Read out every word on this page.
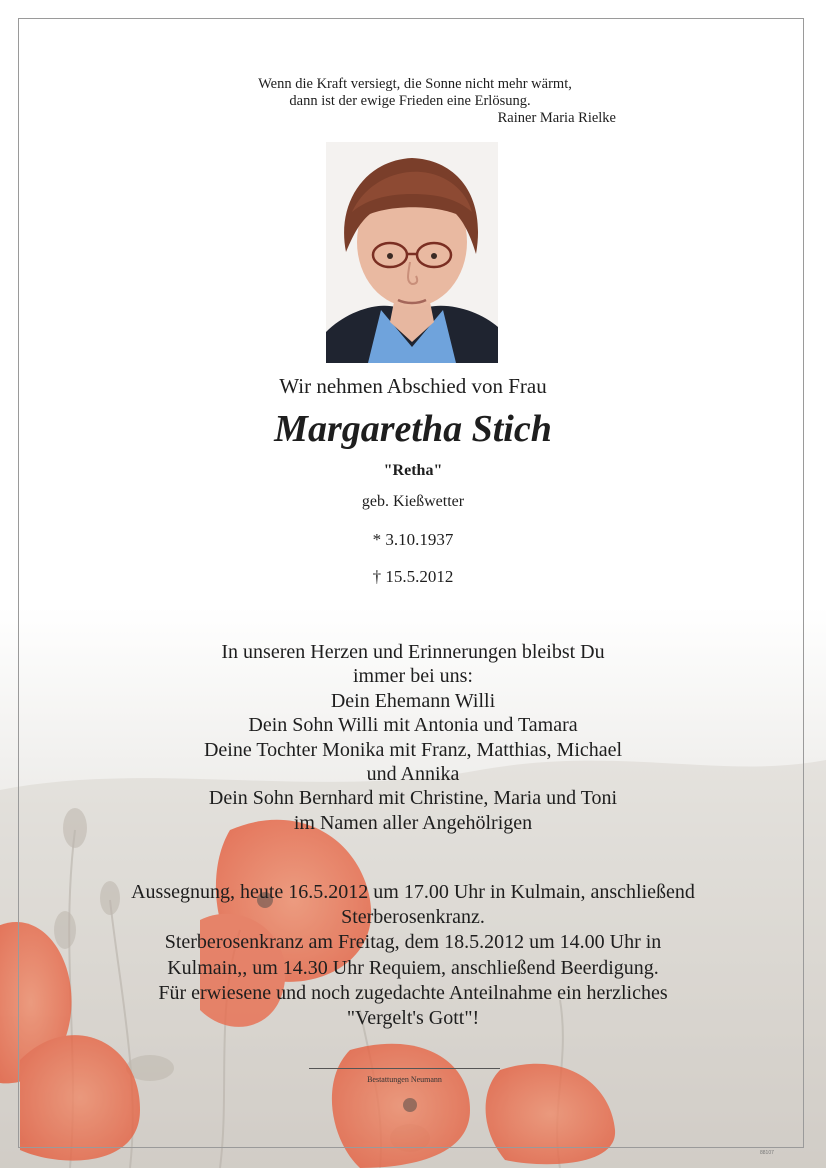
Wenn die Kraft versiegt, die Sonne nicht mehr wärmt,
dann ist der ewige Frieden eine Erlösung.
Rainer Maria Rielke
Wir nehmen Abschied von Frau
Margaretha Stich
"Retha"
geb. Kießwetter
* 3.10.1937
† 15.5.2012
In unseren Herzen und Erinnerungen bleibst Du
immer bei uns:
Dein Ehemann Willi
Dein Sohn Willi mit Antonia und Tamara
Deine Tochter Monika mit Franz, Matthias, Michael
und Annika
Dein Sohn Bernhard mit Christine, Maria und Toni
im Namen aller Angehölrigen
Aussegnung, heute 16.5.2012 um 17.00 Uhr in Kulmain, anschließend
Sterberosenkranz.
Sterberosenkranz am Freitag, dem 18.5.2012 um 14.00 Uhr in
Kulmain,, um 14.30 Uhr Requiem, anschließend Beerdigung.
Für erwiesene und noch zugedachte Anteilnahme ein herzliches
"Vergelt's Gott"!
Bestattungen Neumann
88107
